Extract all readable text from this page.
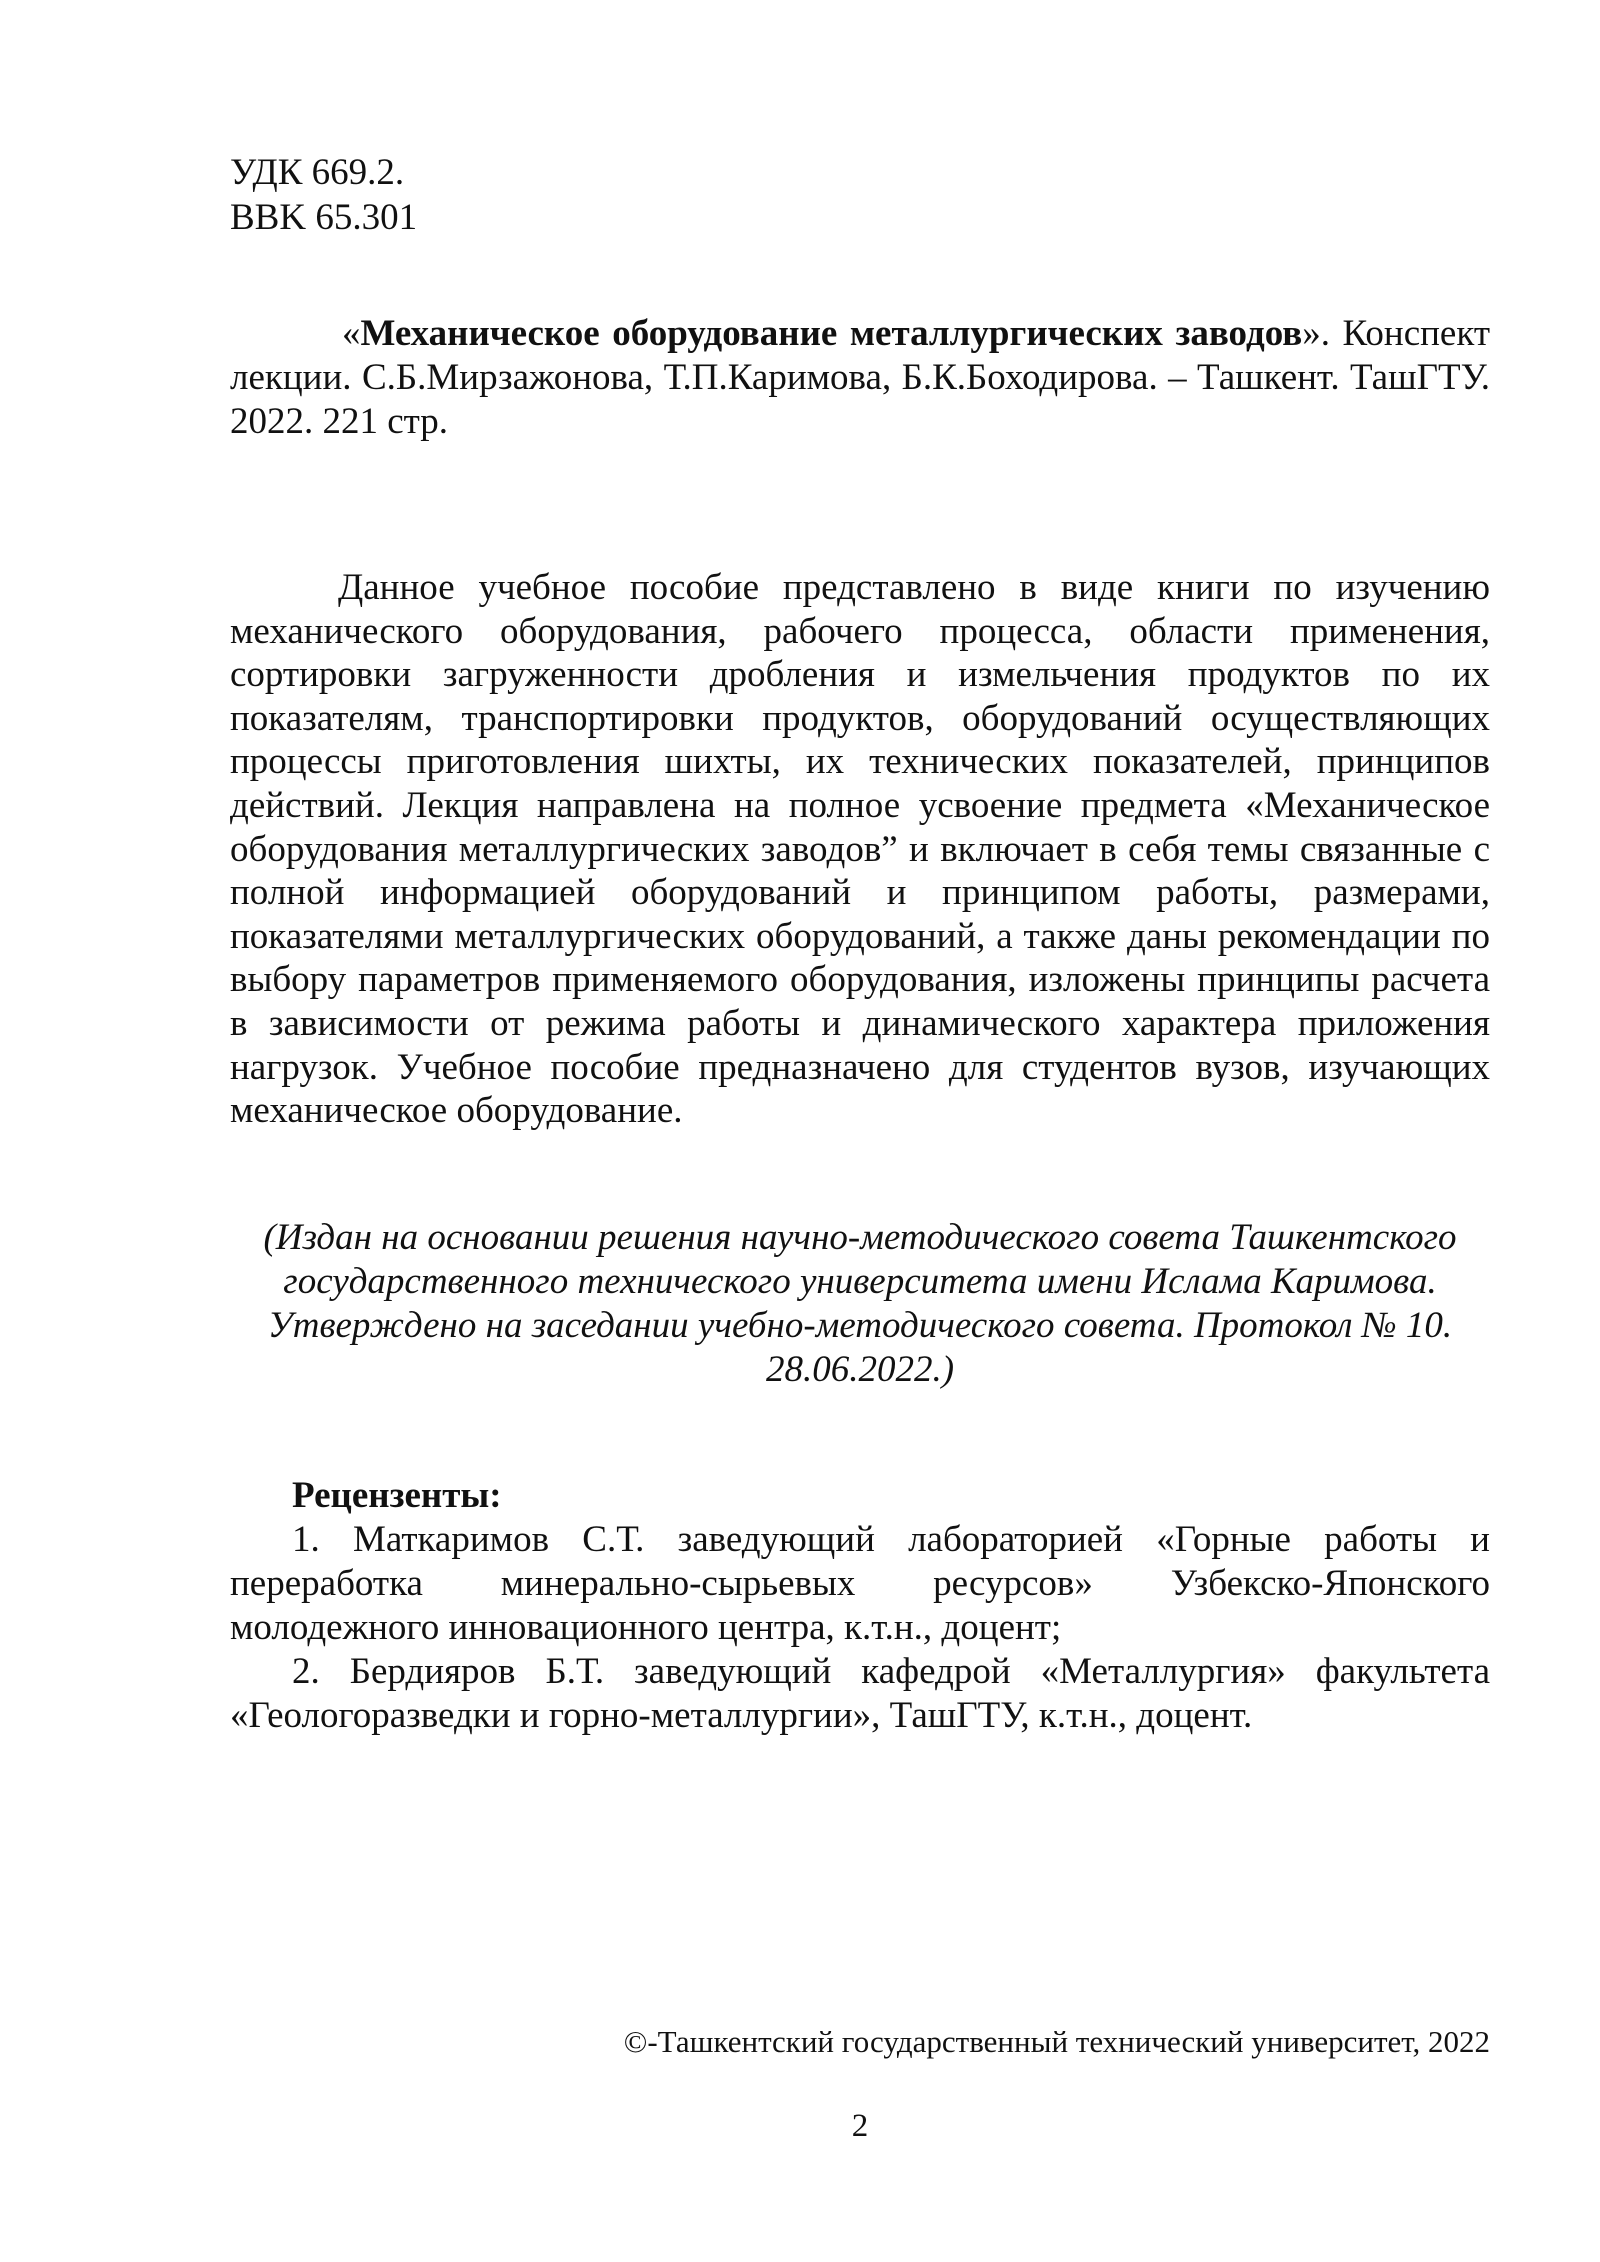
УДК 669.2.
BBK 65.301

«Механическое оборудование металлургических заводов». Конспект лекции. С.Б.Мирзажонова, Т.П.Каримова, Б.К.Боходирова. – Ташкент. ТашГТУ. 2022. 221 стр.

Данное учебное пособие представлено в виде книги по изучению механического оборудования, рабочего процесса, области применения, сортировки загруженности дробления и измельчения продуктов по их показателям, транспортировки продуктов, оборудований осуществляющих процессы приготовления шихты, их технических показателей, принципов действий. Лекция направлена на полное усвоение предмета «Механическое оборудования металлургических заводов” и включает в себя темы связанные с полной информацией оборудований и принципом работы, размерами, показателями металлургических оборудований, а также даны рекомендации по выбору параметров применяемого оборудования, изложены принципы расчета в зависимости от режима работы и динамического характера приложения нагрузок. Учебное пособие предназначено для студентов вузов, изучающих механическое оборудование.

(Издан на основании решения научно-методического совета Ташкентского
государственного технического университета имени Ислама Каримова.
Утверждено на заседании учебно-методического совета. Протокол № 10.
28.06.2022.)
Рецензенты:
1. Маткаримов С.Т. заведующий лабораторией «Горные работы и переработка минерально-сырьевых ресурсов» Узбекско-Японского молодежного инновационного центра, к.т.н., доцент;
2. Бердияров Б.Т. заведующий кафедрой «Металлургия» факультета «Геологоразведки и горно-металлургии», ТашГТУ, к.т.н., доцент.
©-Ташкентский государственный технический университет, 2022
2
